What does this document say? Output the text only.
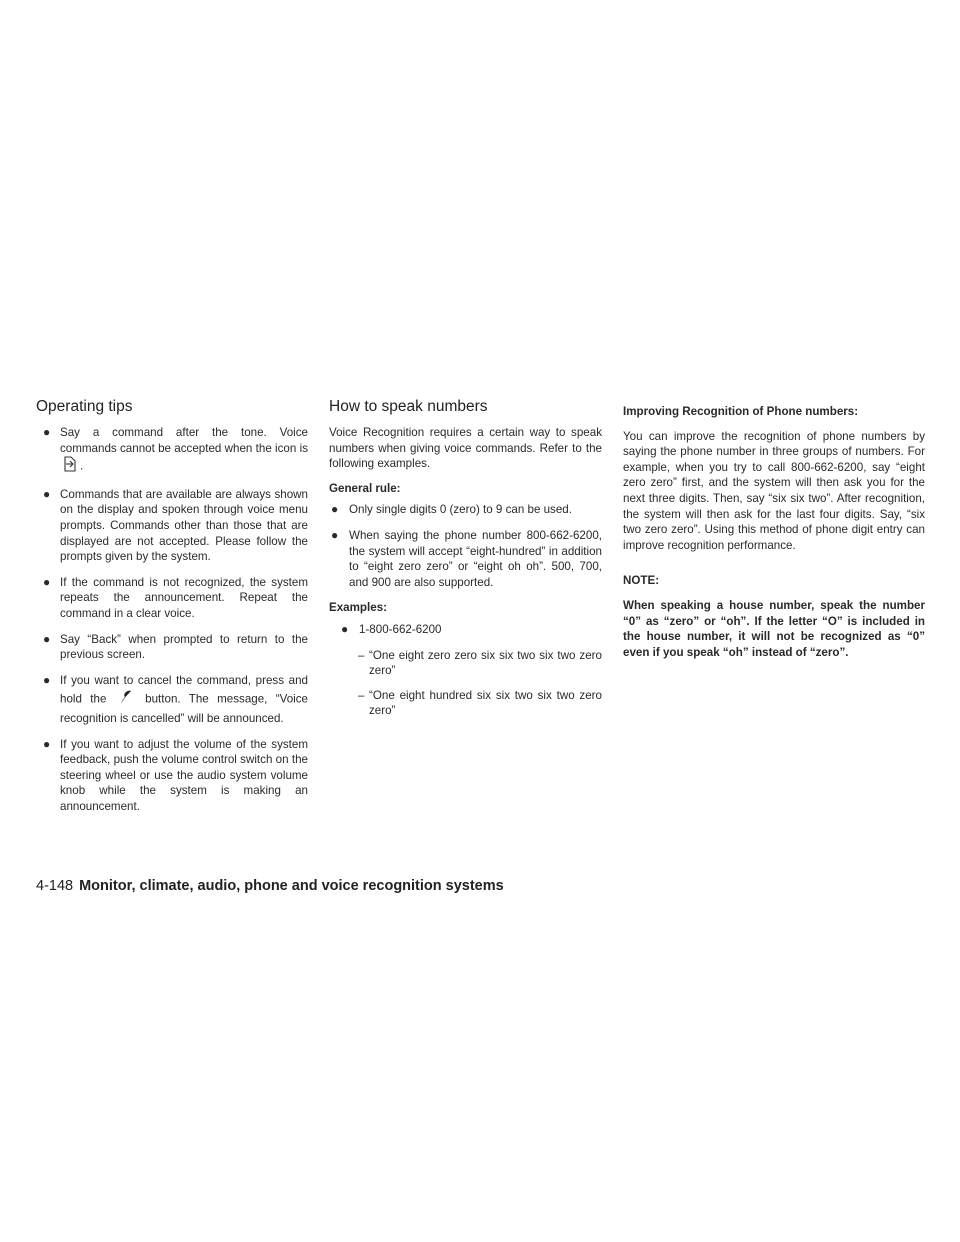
Operating tips
● Say a command after the tone. Voice commands cannot be accepted when the icon is .
● Commands that are available are always shown on the display and spoken through voice menu prompts. Commands other than those that are displayed are not accepted. Please follow the prompts given by the system.
● If the command is not recognized, the system repeats the announcement. Repeat the command in a clear voice.
● Say “Back” when prompted to return to the previous screen.
● If you want to cancel the command, press and hold the	button. The message, “Voice recognition is cancelled” will be announced.
● If you want to adjust the volume of the system feedback, push the volume control switch on the steering wheel or use the audio system volume knob while the system is making an announcement.
How to speak numbers

Voice Recognition requires a certain way to speak numbers when giving voice commands. Refer to the following examples.

General rule:

● Only single digits 0 (zero) to 9 can be used.
● When saying the phone number 800-662-6200, the system will accept “eight-hundred” in addition to “eight zero zero” or “eight oh oh”. 500, 700, and 900 are also supported.

Examples:

● 1-800-662-6200
– “One eight zero zero six six two six two zero zero”
– “One eight hundred six six two six two zero zero”

Improving Recognition of Phone numbers:

You can improve the recognition of phone numbers by saying the phone number in three groups of numbers. For example, when you try to call 800-662-6200, say “eight zero zero” first, and the system will then ask you for the next three digits. Then, say “six six two”. After recognition, the system will then ask for the last four digits. Say, “six two zero zero”. Using this method of phone digit entry can improve recognition performance.

NOTE:

When speaking a house number, speak the number “0” as “zero” or “oh”. If the letter “O” is included in the house number, it will not be recognized as “0” even if you speak “oh” instead of “zero”.

4-148 Monitor, climate, audio, phone and voice recognition systems
